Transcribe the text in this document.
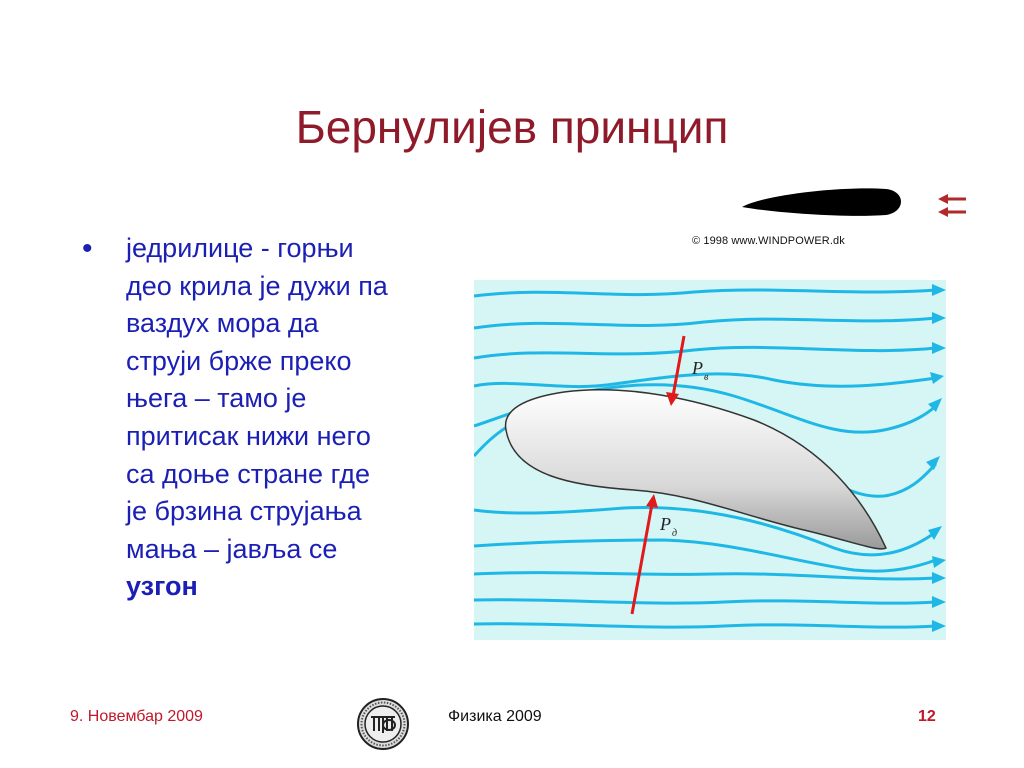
Бернулијев принцип
• једрилице - горњи
део крила је дужи па
ваздух мора да
струји брже преко
њега – тамо је
притисак нижи него
са доње стране где
је брзина струјања
мања – јавља се
узгон
© 1998 www.WINDPOWER.dk
P в
P д
9. Новембар 2009	Физика 2009	12
